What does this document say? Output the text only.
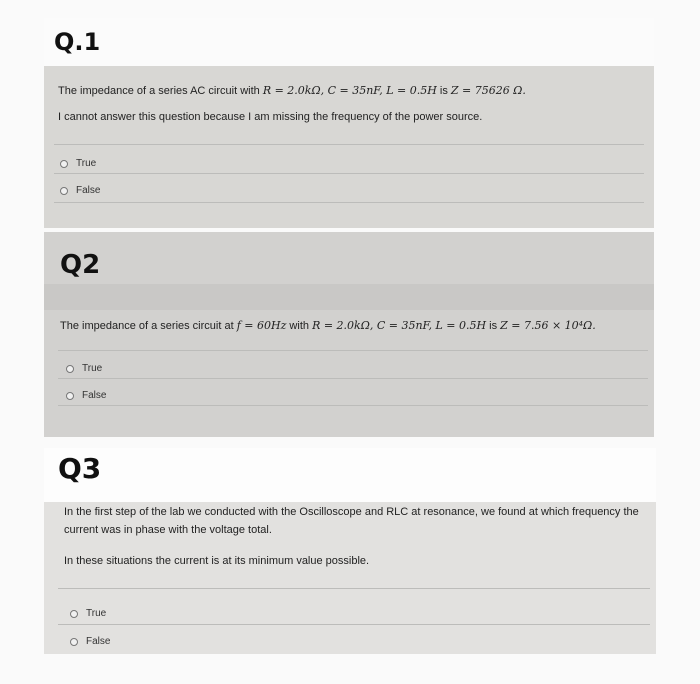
Q.1
The impedance of a series AC circuit with R = 2.0kΩ, C = 35nF, L = 0.5H is Z = 75626 Ω.
I cannot answer this question because I am missing the frequency of the power source.
True
False
Q2
The impedance of a series circuit at f = 60Hz with R = 2.0kΩ, C = 35nF, L = 0.5H is Z = 7.56 × 10⁴Ω.
True
False
Q3
In the first step of the lab we conducted with the Oscilloscope and RLC at resonance, we found at which frequency the current was in phase with the voltage total.
In these situations the current is at its minimum value possible.
True
False
